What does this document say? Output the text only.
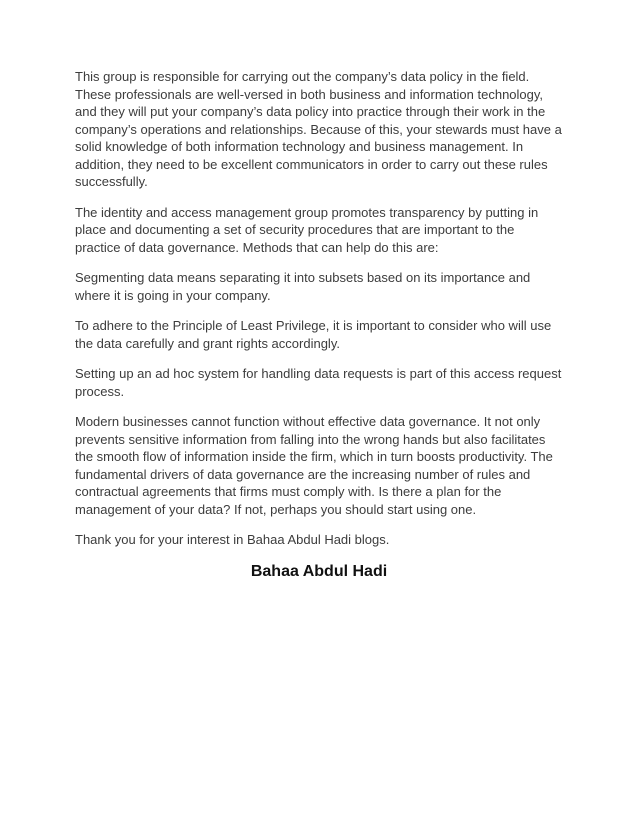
This group is responsible for carrying out the company’s data policy in the field. These professionals are well-versed in both business and information technology, and they will put your company’s data policy into practice through their work in the company’s operations and relationships. Because of this, your stewards must have a solid knowledge of both information technology and business management. In addition, they need to be excellent communicators in order to carry out these rules successfully.

The identity and access management group promotes transparency by putting in place and documenting a set of security procedures that are important to the practice of data governance. Methods that can help do this are:

Segmenting data means separating it into subsets based on its importance and where it is going in your company.

To adhere to the Principle of Least Privilege, it is important to consider who will use the data carefully and grant rights accordingly.

Setting up an ad hoc system for handling data requests is part of this access request process.

Modern businesses cannot function without effective data governance. It not only prevents sensitive information from falling into the wrong hands but also facilitates the smooth flow of information inside the firm, which in turn boosts productivity. The fundamental drivers of data governance are the increasing number of rules and contractual agreements that firms must comply with. Is there a plan for the management of your data? If not, perhaps you should start using one.

Thank you for your interest in Bahaa Abdul Hadi blogs.

Bahaa Abdul Hadi
